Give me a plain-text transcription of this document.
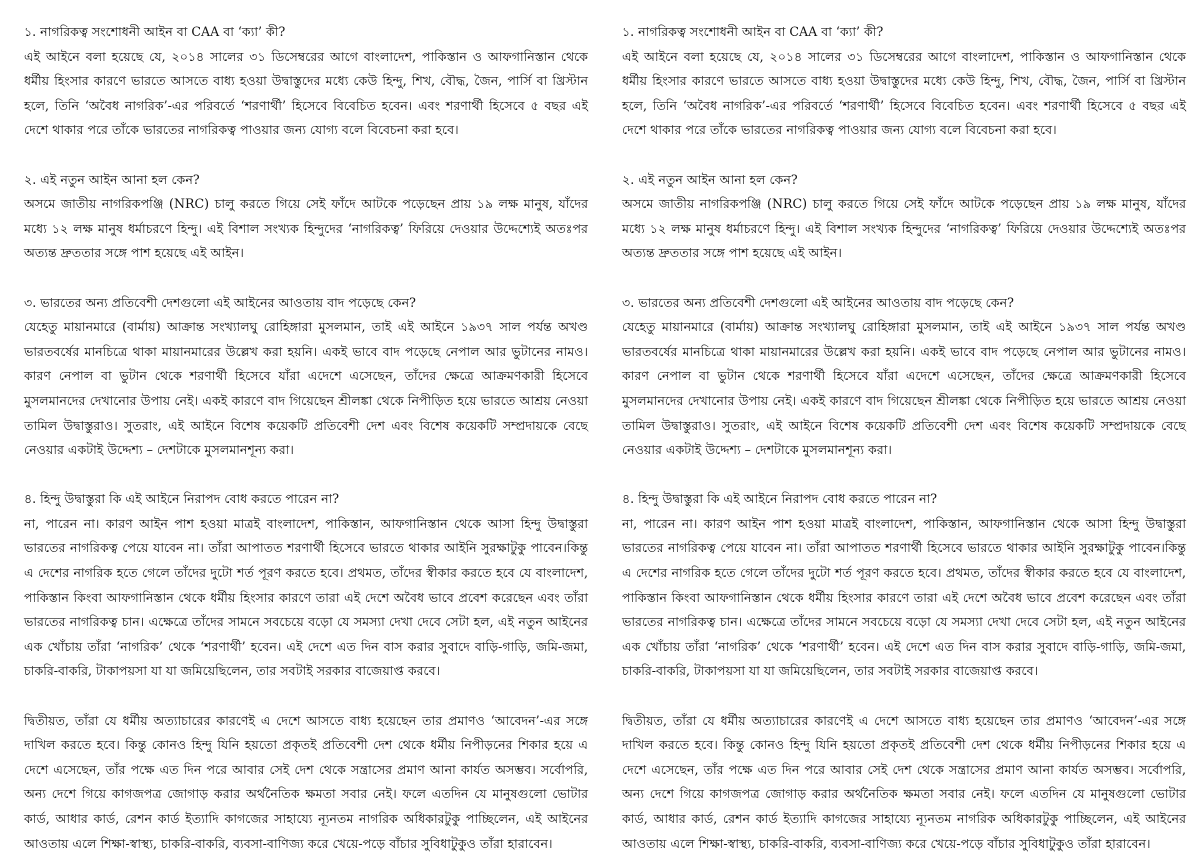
১. নাগরিকত্ব সংশোধনী আইন বা CAA বা ‘ক্যা’ কী?
এই আইনে বলা হয়েছে যে, ২০১৪ সালের ৩১ ডিসেম্বরের আগে বাংলাদেশ, পাকিস্তান ও আফগানিস্তান থেকে ধর্মীয় হিংসার কারণে ভারতে আসতে বাধ্য হওয়া উদ্বাস্তুদের মধ্যে কেউ হিন্দু, শিখ, বৌদ্ধ, জৈন, পার্সি বা খ্রিস্টান হলে, তিনি ‘অবৈধ নাগরিক’-এর পরিবর্তে ‘শরণার্থী’ হিসেবে বিবেচিত হবেন। এবং শরণার্থী হিসেবে ৫ বছর এই দেশে থাকার পরে তাঁকে ভারতের নাগরিকত্ব পাওয়ার জন্য যোগ্য বলে বিবেচনা করা হবে।
২. এই নতুন আইন আনা হল কেন?
অসমে জাতীয় নাগরিকপঞ্জি (NRC) চালু করতে গিয়ে সেই ফাঁদে আটকে পড়েছেন প্রায় ১৯ লক্ষ মানুষ, যাঁদের মধ্যে ১২ লক্ষ মানুষ ধর্মাচরণে হিন্দু। এই বিশাল সংখ্যক হিন্দুদের ‘নাগরিকত্ব’ ফিরিয়ে দেওয়ার উদ্দেশ্যেই অতঃপর অত্যন্ত দ্রুততার সঙ্গে পাশ হয়েছে এই আইন।
৩. ভারতের অন্য প্রতিবেশী দেশগুলো এই আইনের আওতায় বাদ পড়েছে কেন?
যেহেতু মায়ানমারে (বার্মায়) আক্রান্ত সংখ্যালঘু রোহিঙ্গারা মুসলমান, তাই এই আইনে ১৯৩৭ সাল পর্যন্ত অখণ্ড ভারতবর্ষের মানচিত্রে থাকা মায়ানমারের উল্লেখ করা হয়নি। একই ভাবে বাদ পড়েছে নেপাল আর ভুটানের নামও। কারণ নেপাল বা ভুটান থেকে শরণার্থী হিসেবে যাঁরা এদেশে এসেছেন, তাঁদের ক্ষেত্রে আক্রমণকারী হিসেবে মুসলমানদের দেখানোর উপায় নেই। একই কারণে বাদ গিয়েছেন শ্রীলঙ্কা থেকে নিপীড়িত হয়ে ভারতে আশ্রয় নেওয়া তামিল উদ্বাস্তুরাও। সুতরাং, এই আইনে বিশেষ কয়েকটি প্রতিবেশী দেশ এবং বিশেষ কয়েকটি সম্প্রদায়কে বেছে নেওয়ার একটাই উদ্দেশ্য – দেশটাকে মুসলমানশূন্য করা।
৪. হিন্দু উদ্বাস্তুরা কি এই আইনে নিরাপদ বোধ করতে পারেন না?
না, পারেন না। কারণ আইন পাশ হওয়া মাত্রই বাংলাদেশ, পাকিস্তান, আফগানিস্তান থেকে আসা হিন্দু উদ্বাস্তুরা ভারতের নাগরিকত্ব পেয়ে যাবেন না। তাঁরা আপাতত শরণার্থী হিসেবে ভারতে থাকার আইনি সুরক্ষাটুকু পাবেন।কিন্তু এ দেশের নাগরিক হতে গেলে তাঁদের দুটো শর্ত পূরণ করতে হবে। প্রথমত, তাঁদের স্বীকার করতে হবে যে বাংলাদেশ, পাকিস্তান কিংবা আফগানিস্তান থেকে ধর্মীয় হিংসার কারণে তারা এই দেশে অবৈধ ভাবে প্রবেশ করেছেন এবং তাঁরা ভারতের নাগরিকত্ব চান। এক্ষেত্রে তাঁদের সামনে সবচেয়ে বড়ো যে সমস্যা দেখা দেবে সেটা হল, এই নতুন আইনের এক খোঁচায় তাঁরা ‘নাগরিক’ থেকে ‘শরণার্থী’ হবেন। এই দেশে এত দিন বাস করার সুবাদে বাড়ি-গাড়ি, জমি-জমা, চাকরি-বাকরি, টাকাপয়সা যা যা জমিয়েছিলেন, তার সবটাই সরকার বাজেয়াপ্ত করবে।
দ্বিতীয়ত, তাঁরা যে ধর্মীয় অত্যাচারের কারণেই এ দেশে আসতে বাধ্য হয়েছেন তার প্রমাণও ‘আবেদন’-এর সঙ্গে দাখিল করতে হবে। কিন্তু কোনও হিন্দু যিনি হয়তো প্রকৃতই প্রতিবেশী দেশ থেকে ধর্মীয় নিপীড়নের শিকার হয়ে এ দেশে এসেছেন, তাঁর পক্ষে এত দিন পরে আবার সেই দেশ থেকে সন্ত্রাসের প্রমাণ আনা কার্যত অসম্ভব। সর্বোপরি, অন্য দেশে গিয়ে কাগজপত্র জোগাড় করার অর্থনৈতিক ক্ষমতা সবার নেই। ফলে এতদিন যে মানুষগুলো ভোটার কার্ড, আধার কার্ড, রেশন কার্ড ইত্যাদি কাগজের সাহায্যে ন্যূনতম নাগরিক অধিকারটুকু পাচ্ছিলেন, এই আইনের আওতায় এলে শিক্ষা-স্বাস্থ্য, চাকরি-বাকরি, ব্যবসা-বাণিজ্য করে খেয়ে-পড়ে বাঁচার সুবিধাটুকুও তাঁরা হারাবেন।
১. নাগরিকত্ব সংশোধনী আইন বা CAA বা ‘ক্যা’ কী?
এই আইনে বলা হয়েছে যে, ২০১৪ সালের ৩১ ডিসেম্বরের আগে বাংলাদেশ, পাকিস্তান ও আফগানিস্তান থেকে ধর্মীয় হিংসার কারণে ভারতে আসতে বাধ্য হওয়া উদ্বাস্তুদের মধ্যে কেউ হিন্দু, শিখ, বৌদ্ধ, জৈন, পার্সি বা খ্রিস্টান হলে, তিনি ‘অবৈধ নাগরিক’-এর পরিবর্তে ‘শরণার্থী’ হিসেবে বিবেচিত হবেন। এবং শরণার্থী হিসেবে ৫ বছর এই দেশে থাকার পরে তাঁকে ভারতের নাগরিকত্ব পাওয়ার জন্য যোগ্য বলে বিবেচনা করা হবে।
২. এই নতুন আইন আনা হল কেন?
অসমে জাতীয় নাগরিকপঞ্জি (NRC) চালু করতে গিয়ে সেই ফাঁদে আটকে পড়েছেন প্রায় ১৯ লক্ষ মানুষ, যাঁদের মধ্যে ১২ লক্ষ মানুষ ধর্মাচরণে হিন্দু। এই বিশাল সংখ্যক হিন্দুদের ‘নাগরিকত্ব’ ফিরিয়ে দেওয়ার উদ্দেশ্যেই অতঃপর অত্যন্ত দ্রুততার সঙ্গে পাশ হয়েছে এই আইন।
৩. ভারতের অন্য প্রতিবেশী দেশগুলো এই আইনের আওতায় বাদ পড়েছে কেন?
যেহেতু মায়ানমারে (বার্মায়) আক্রান্ত সংখ্যালঘু রোহিঙ্গারা মুসলমান, তাই এই আইনে ১৯৩৭ সাল পর্যন্ত অখণ্ড ভারতবর্ষের মানচিত্রে থাকা মায়ানমারের উল্লেখ করা হয়নি। একই ভাবে বাদ পড়েছে নেপাল আর ভুটানের নামও। কারণ নেপাল বা ভুটান থেকে শরণার্থী হিসেবে যাঁরা এদেশে এসেছেন, তাঁদের ক্ষেত্রে আক্রমণকারী হিসেবে মুসলমানদের দেখানোর উপায় নেই। একই কারণে বাদ গিয়েছেন শ্রীলঙ্কা থেকে নিপীড়িত হয়ে ভারতে আশ্রয় নেওয়া তামিল উদ্বাস্তুরাও। সুতরাং, এই আইনে বিশেষ কয়েকটি প্রতিবেশী দেশ এবং বিশেষ কয়েকটি সম্প্রদায়কে বেছে নেওয়ার একটাই উদ্দেশ্য – দেশটাকে মুসলমানশূন্য করা।
৪. হিন্দু উদ্বাস্তুরা কি এই আইনে নিরাপদ বোধ করতে পারেন না?
না, পারেন না। কারণ আইন পাশ হওয়া মাত্রই বাংলাদেশ, পাকিস্তান, আফগানিস্তান থেকে আসা হিন্দু উদ্বাস্তুরা ভারতের নাগরিকত্ব পেয়ে যাবেন না। তাঁরা আপাতত শরণার্থী হিসেবে ভারতে থাকার আইনি সুরক্ষাটুকু পাবেন।কিন্তু এ দেশের নাগরিক হতে গেলে তাঁদের দুটো শর্ত পূরণ করতে হবে। প্রথমত, তাঁদের স্বীকার করতে হবে যে বাংলাদেশ, পাকিস্তান কিংবা আফগানিস্তান থেকে ধর্মীয় হিংসার কারণে তারা এই দেশে অবৈধ ভাবে প্রবেশ করেছেন এবং তাঁরা ভারতের নাগরিকত্ব চান। এক্ষেত্রে তাঁদের সামনে সবচেয়ে বড়ো যে সমস্যা দেখা দেবে সেটা হল, এই নতুন আইনের এক খোঁচায় তাঁরা ‘নাগরিক’ থেকে ‘শরণার্থী’ হবেন। এই দেশে এত দিন বাস করার সুবাদে বাড়ি-গাড়ি, জমি-জমা, চাকরি-বাকরি, টাকাপয়সা যা যা জমিয়েছিলেন, তার সবটাই সরকার বাজেয়াপ্ত করবে।
দ্বিতীয়ত, তাঁরা যে ধর্মীয় অত্যাচারের কারণেই এ দেশে আসতে বাধ্য হয়েছেন তার প্রমাণও ‘আবেদন’-এর সঙ্গে দাখিল করতে হবে। কিন্তু কোনও হিন্দু যিনি হয়তো প্রকৃতই প্রতিবেশী দেশ থেকে ধর্মীয় নিপীড়নের শিকার হয়ে এ দেশে এসেছেন, তাঁর পক্ষে এত দিন পরে আবার সেই দেশ থেকে সন্ত্রাসের প্রমাণ আনা কার্যত অসম্ভব। সর্বোপরি, অন্য দেশে গিয়ে কাগজপত্র জোগাড় করার অর্থনৈতিক ক্ষমতা সবার নেই। ফলে এতদিন যে মানুষগুলো ভোটার কার্ড, আধার কার্ড, রেশন কার্ড ইত্যাদি কাগজের সাহায্যে ন্যূনতম নাগরিক অধিকারটুকু পাচ্ছিলেন, এই আইনের আওতায় এলে শিক্ষা-স্বাস্থ্য, চাকরি-বাকরি, ব্যবসা-বাণিজ্য করে খেয়ে-পড়ে বাঁচার সুবিধাটুকুও তাঁরা হারাবেন।
